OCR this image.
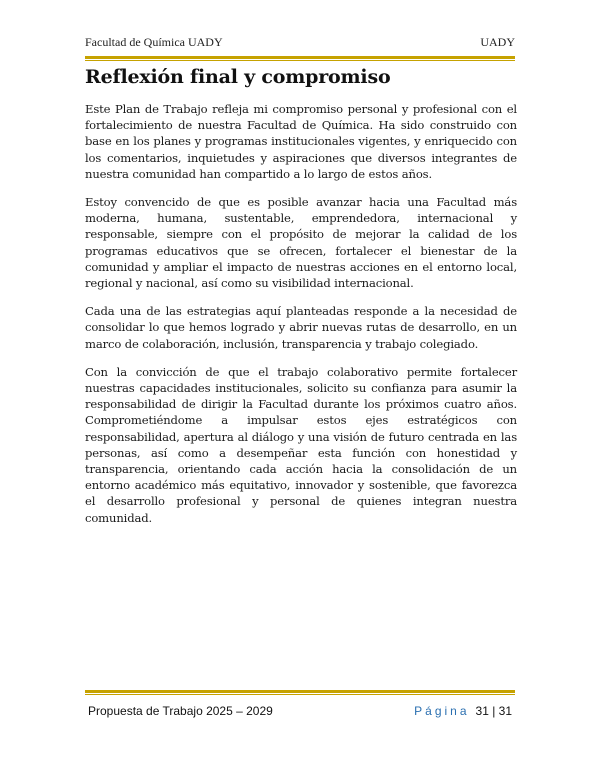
Facultad de Química UADY	UADY
Reflexión final y compromiso

Este Plan de Trabajo refleja mi compromiso personal y profesional con el fortalecimiento de nuestra Facultad de Química. Ha sido construido con base en los planes y programas institucionales vigentes, y enriquecido con los comentarios, inquietudes y aspiraciones que diversos integrantes de nuestra comunidad han compartido a lo largo de estos años.

Estoy convencido de que es posible avanzar hacia una Facultad más moderna, humana, sustentable, emprendedora, internacional y responsable, siempre con el propósito de mejorar la calidad de los programas educativos que se ofrecen, fortalecer el bienestar de la comunidad y ampliar el impacto de nuestras acciones en el entorno local, regional y nacional, así como su visibilidad internacional.

Cada una de las estrategias aquí planteadas responde a la necesidad de consolidar lo que hemos logrado y abrir nuevas rutas de desarrollo, en un marco de colaboración, inclusión, transparencia y trabajo colegiado.

Con la convicción de que el trabajo colaborativo permite fortalecer nuestras capacidades institucionales, solicito su confianza para asumir la responsabilidad de dirigir la Facultad durante los próximos cuatro años. Comprometiéndome a impulsar estos ejes estratégicos con responsabilidad, apertura al diálogo y una visión de futuro centrada en las personas, así como a desempeñar esta función con honestidad y transparencia, orientando cada acción hacia la consolidación de un entorno académico más equitativo, innovador y sostenible, que favorezca el desarrollo profesional y personal de quienes integran nuestra comunidad.

Propuesta de Trabajo 2025 – 2029	Página 31 | 31
